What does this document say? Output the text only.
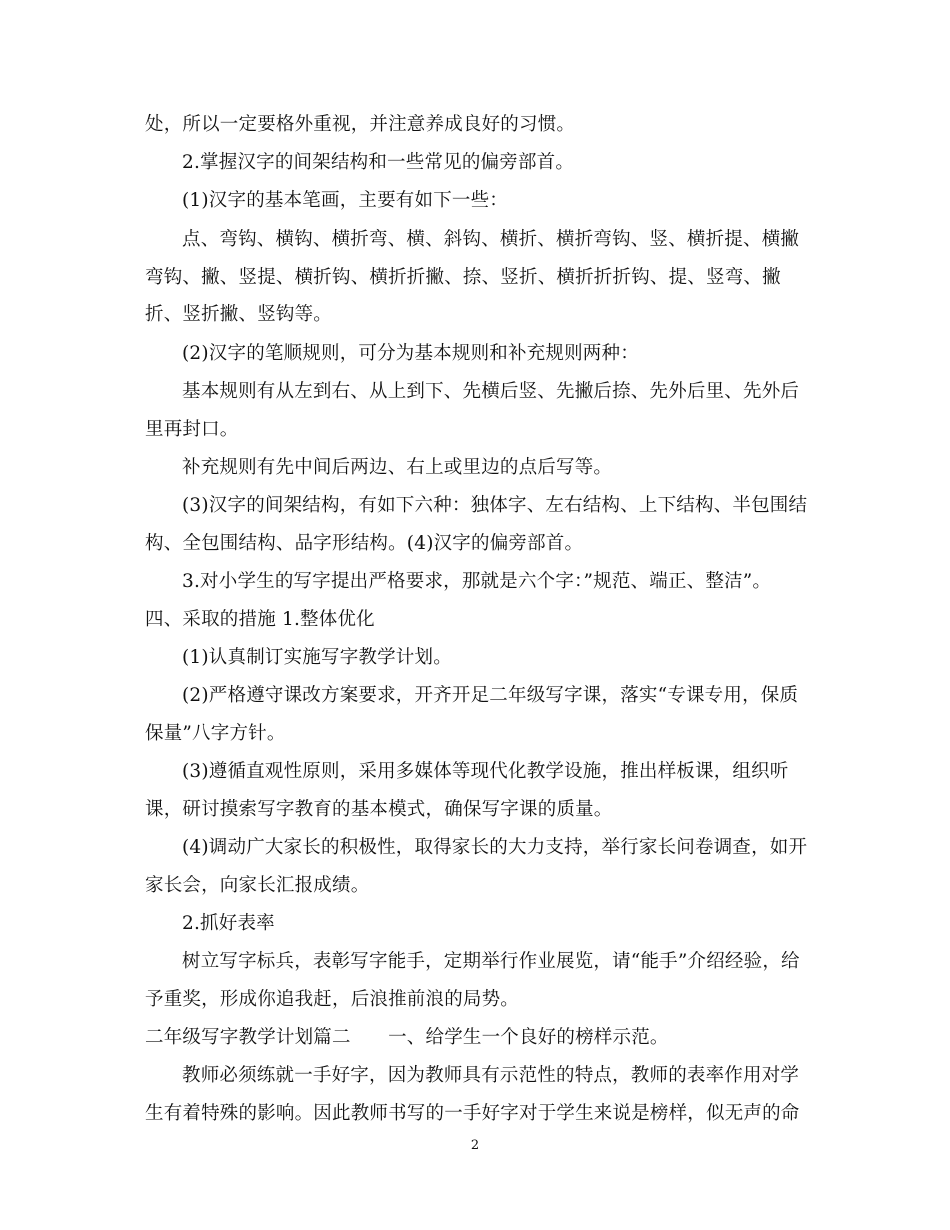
处，所以一定要格外重视，并注意养成良好的习惯。
2.掌握汉字的间架结构和一些常见的偏旁部首。
(1)汉字的基本笔画，主要有如下一些：
点、弯钩、横钩、横折弯、横、斜钩、横折、横折弯钩、竖、横折提、横撇
弯钩、撇、竖提、横折钩、横折折撇、捺、竖折、横折折折钩、提、竖弯、撇
折、竖折撇、竖钩等。
(2)汉字的笔顺规则，可分为基本规则和补充规则两种：
基本规则有从左到右、从上到下、先横后竖、先撇后捺、先外后里、先外后
里再封口。
补充规则有先中间后两边、右上或里边的点后写等。
(3)汉字的间架结构，有如下六种：独体字、左右结构、上下结构、半包围结
构、全包围结构、品字形结构。(4)汉字的偏旁部首。
3.对小学生的写字提出严格要求，那就是六个字：”规范、端正、整洁”。
四、采取的措施 1.整体优化
(1)认真制订实施写字教学计划。
(2)严格遵守课改方案要求，开齐开足二年级写字课，落实“专课专用，保质
保量”八字方针。
(3)遵循直观性原则，采用多媒体等现代化教学设施，推出样板课，组织听
课，研讨摸索写字教育的基本模式，确保写字课的质量。
(4)调动广大家长的积极性，取得家长的大力支持，举行家长问卷调查，如开
家长会，向家长汇报成绩。
2.抓好表率
树立写字标兵，表彰写字能手，定期举行作业展览，请“能手”介绍经验，给
予重奖，形成你追我赶，后浪推前浪的局势。
二年级写字教学计划篇二　　一、给学生一个良好的榜样示范。
教师必须练就一手好字，因为教师具有示范性的特点，教师的表率作用对学
生有着特殊的影响。因此教师书写的一手好字对于学生来说是榜样，似无声的命
2
